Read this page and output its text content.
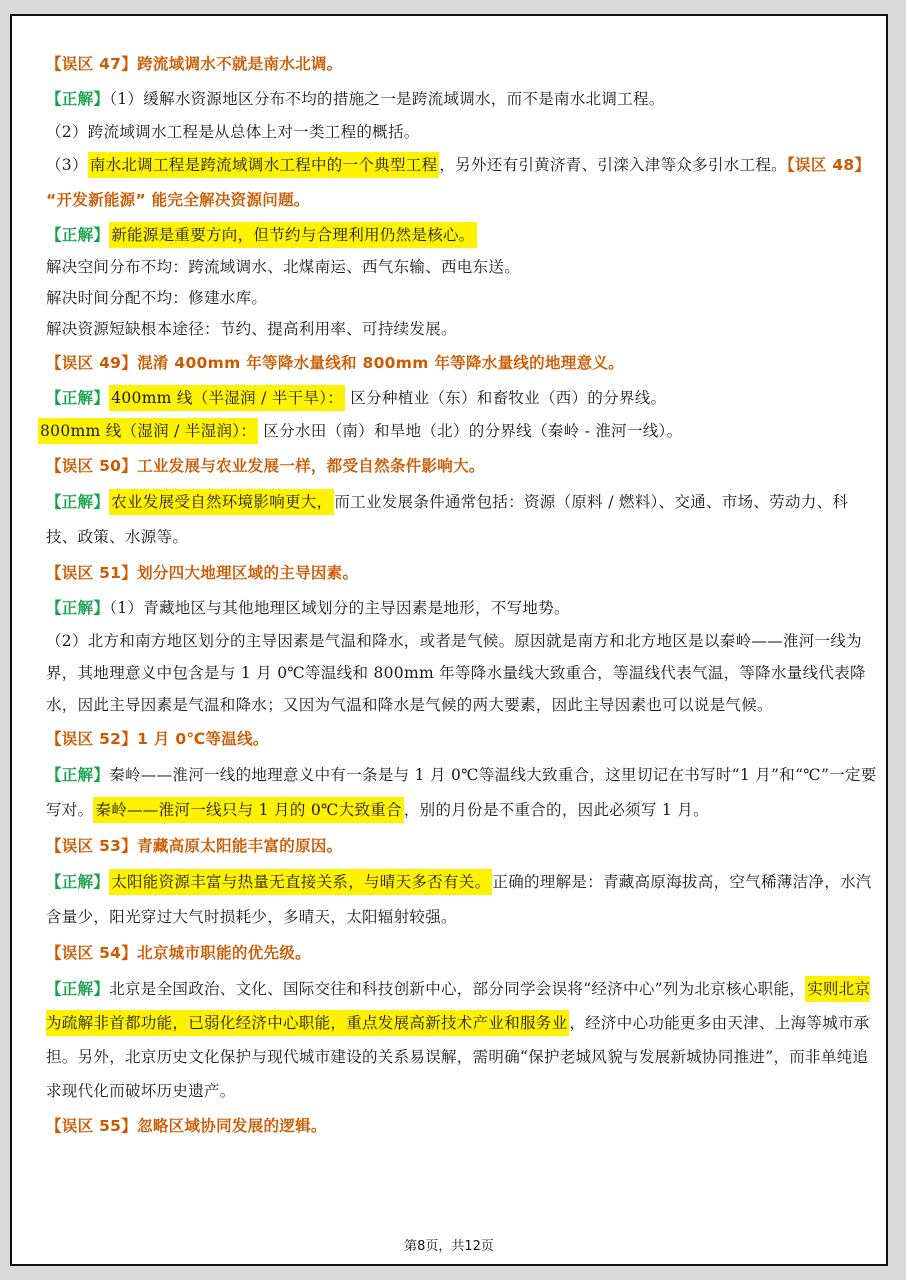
【误区 47】跨流域调水不就是南水北调。

【正解】（1）缓解水资源地区分布不均的措施之一是跨流域调水，而不是南水北调工程。

（2）跨流域调水工程是从总体上对一类工程的概括。

（3） 南水北调工程是跨流域调水工程中的一个典型工程 ，另外还有引黄济青、引滦入津等众多引水工程。【误区 48】

“开发新能源” 能完全解决资源问题。

【正解】 新能源是重要方向，但节约与合理利用仍然是核心。

解决空间分布不均：跨流域调水、北煤南运、西气东输、西电东送。

解决时间分配不均：修建水库。

解决资源短缺根本途径：节约、提高利用率、可持续发展。

【误区 49】混淆 400mm 年等降水量线和 800mm 年等降水量线的地理意义。

【正解】 400mm 线（半湿润 / 半干旱）： 区分种植业（东）和畜牧业（西）的分界线。

800mm 线（湿润 / 半湿润）： 区分水田（南）和旱地（北）的分界线（秦岭 - 淮河一线）。

【误区 50】工业发展与农业发展一样，都受自然条件影响大。

【正解】 农业发展受自然环境影响更大， 而工业发展条件通常包括：资源（原料 / 燃料）、交通、市场、劳动力、科技、政策、水源等。

【误区 51】划分四大地理区域的主导因素。

【正解】（1）青藏地区与其他地理区域划分的主导因素是地形，不写地势。

（2）北方和南方地区划分的主导因素是气温和降水，或者是气候。原因就是南方和北方地区是以秦岭——淮河一线为界，其地理意义中包含是与 1 月 0℃等温线和 800mm 年等降水量线大致重合，等温线代表气温，等降水量线代表降水，因此主导因素是气温和降水；又因为气温和降水是气候的两大要素，因此主导因素也可以说是气候。

【误区 52】1 月 0℃等温线。

【正解】秦岭——淮河一线的地理意义中有一条是与 1 月 0℃等温线大致重合，这里切记在书写时“1 月”和“℃”一定要写对。 秦岭——淮河一线只与 1 月的 0℃大致重合 ，别的月份是不重合的，因此必须写 1 月。

【误区 53】青藏高原太阳能丰富的原因。

【正解】 太阳能资源丰富与热量无直接关系，与晴天多否有关。 正确的理解是：青藏高原海拔高，空气稀薄洁净，水汽含量少，阳光穿过大气时损耗少，多晴天，太阳辐射较强。

【误区 54】北京城市职能的优先级。

【正解】北京是全国政治、文化、国际交往和科技创新中心，部分同学会误将“经济中心”列为北京核心职能， 实则北京为疏解非首都功能，已弱化经济中心职能，重点发展高新技术产业和服务业 ，经济中心功能更多由天津、上海等城市承担。另外，北京历史文化保护与现代城市建设的关系易误解，需明确“保护老城风貌与发展新城协同推进”，而非单纯追求现代化而破坏历史遗产。

【误区 55】忽略区域协同发展的逻辑。

第8页，共12页
